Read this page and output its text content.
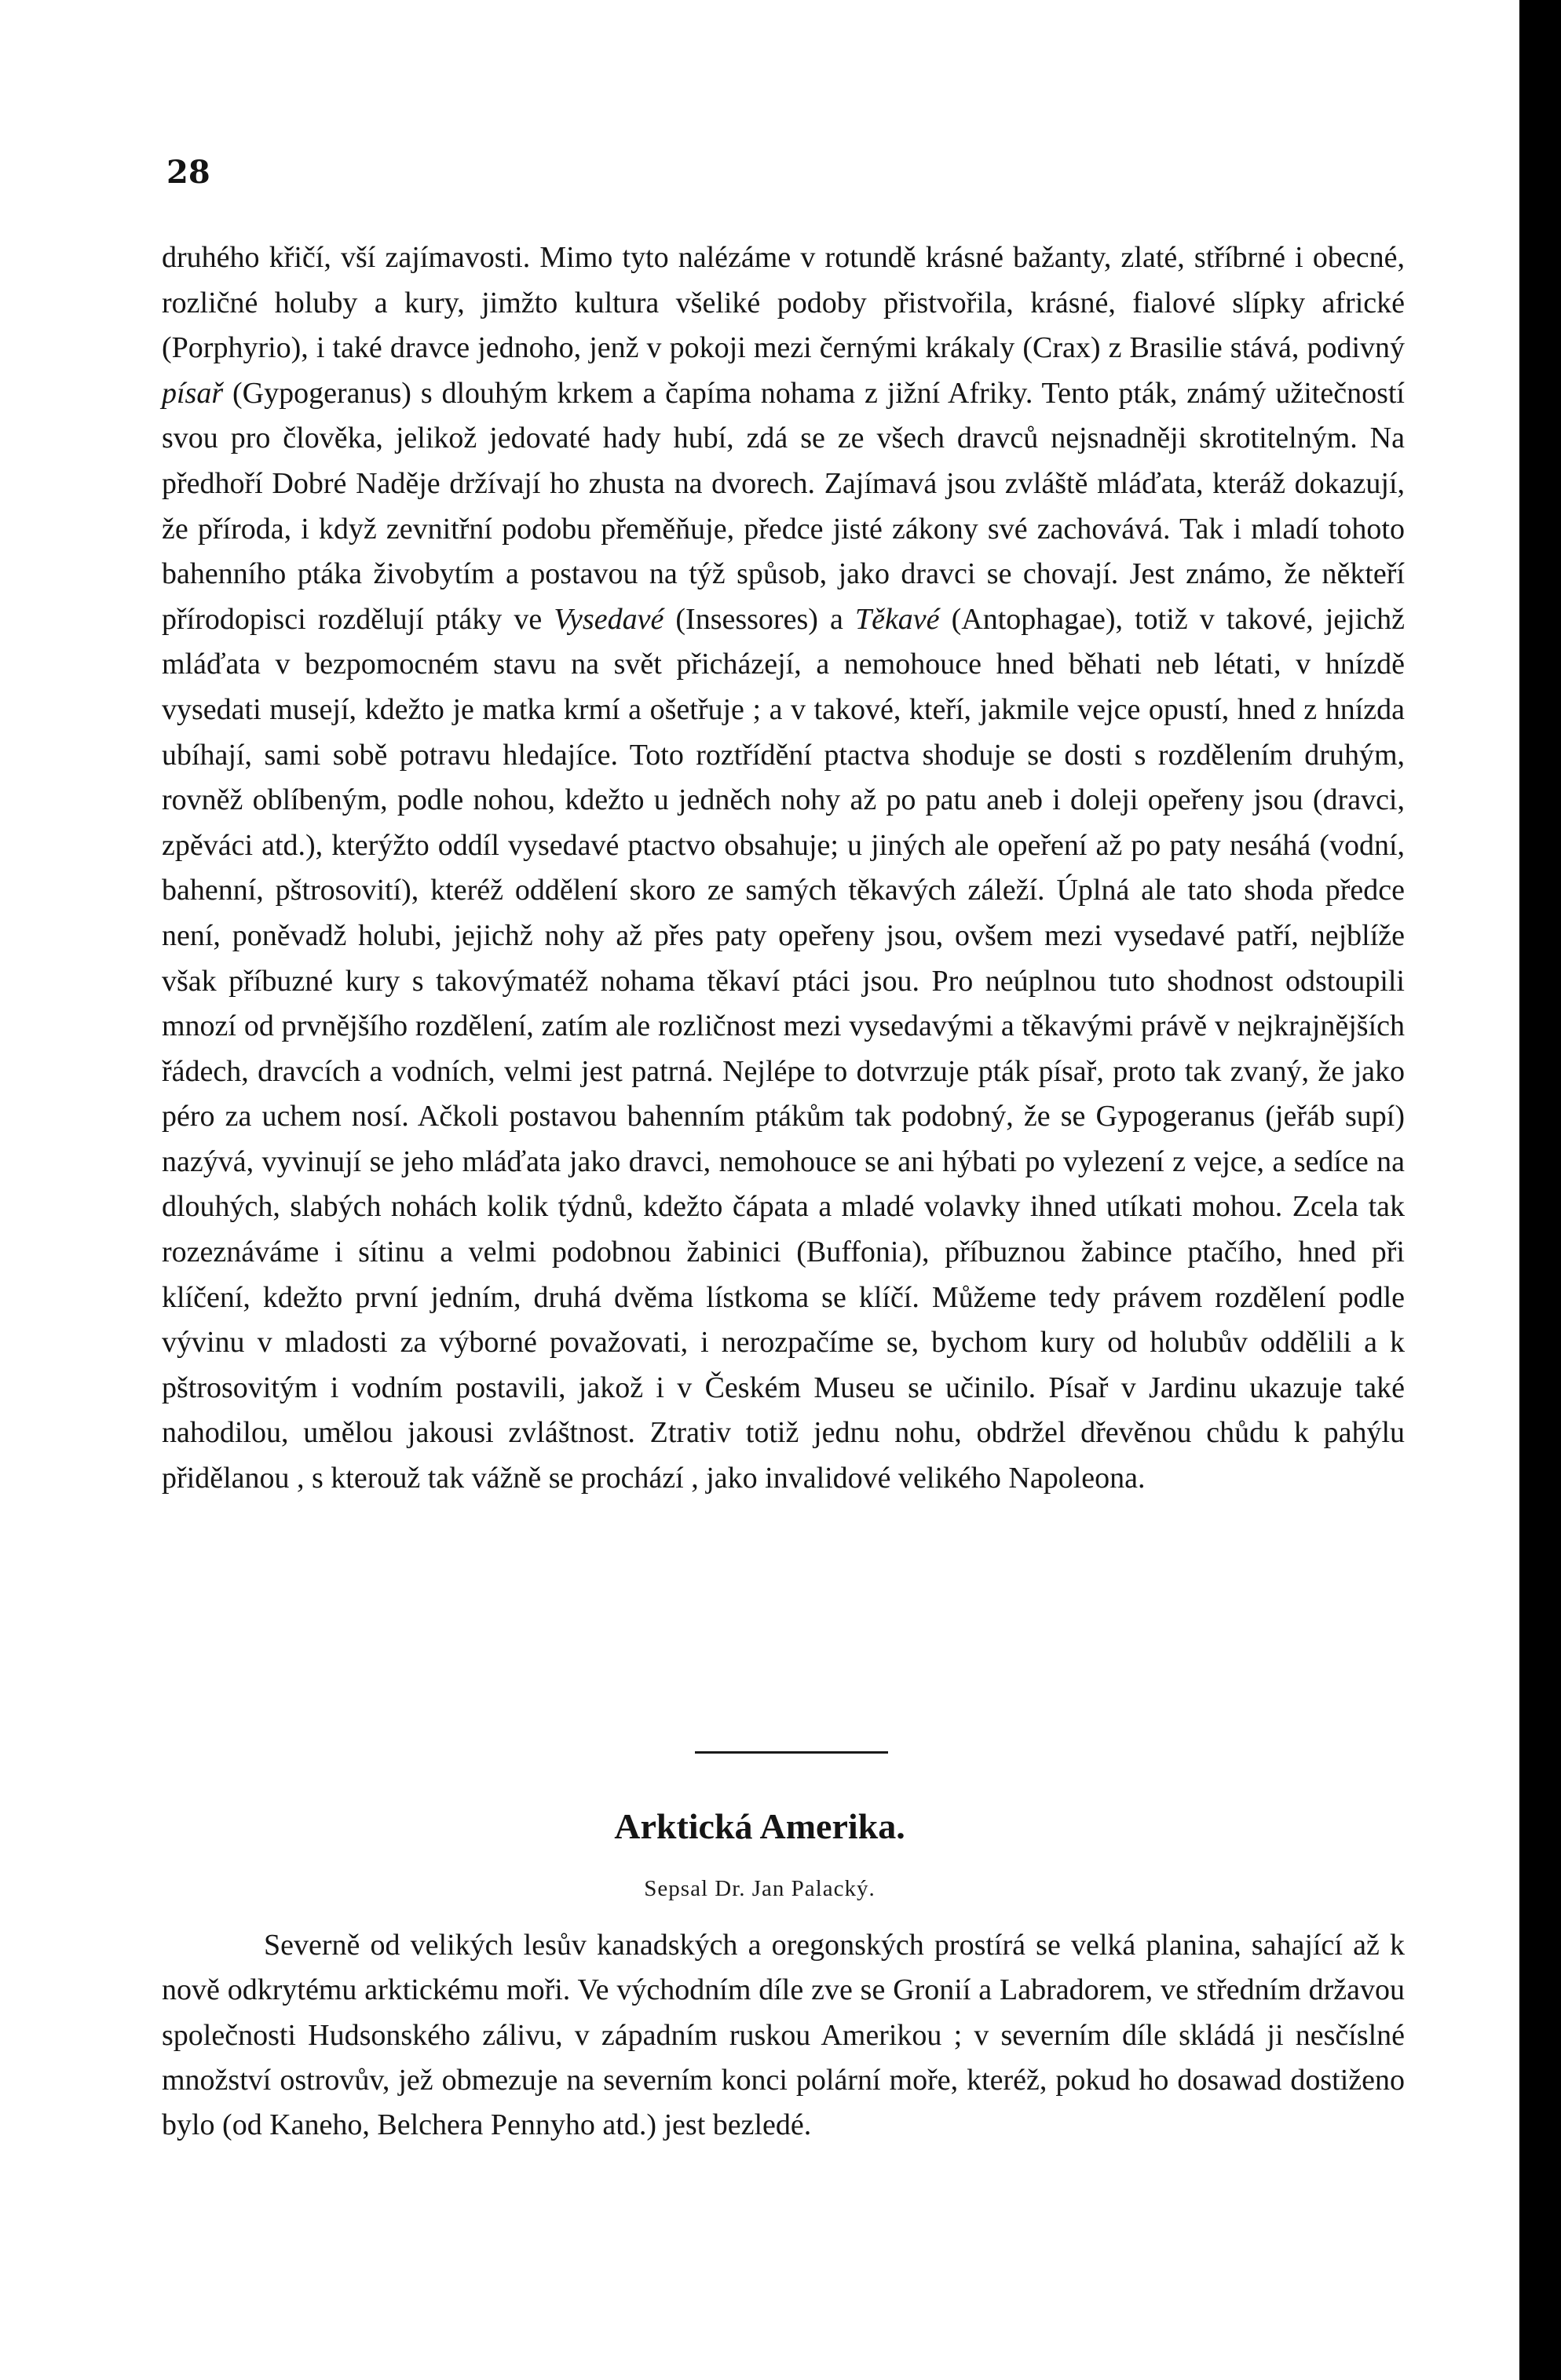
28

druhého křičí, vší zajímavosti. Mimo tyto nalézáme v rotundě krásné bažanty, zlaté, stříbrné i obecné, rozličné holuby a kury, jimžto kultura všeliké podoby přistvořila, krásné, fialové slípky africké (Porphyrio), i také dravce jednoho, jenž v pokoji mezi černými krákaly (Crax) z Brasilie stává, podivný písař (Gypogeranus) s dlouhým krkem a čapíma nohama z jižní Afriky. Tento pták, známý užitečností svou pro člověka, jelikož jedovaté hady hubí, zdá se ze všech dravců nejsnadněji skrotitelným. Na předhoří Dobré Naděje držívají ho zhusta na dvorech. Zajímavá jsou zvláště mláďata, kteráž dokazují, že příroda, i když zevnitřní podobu přeměňuje, předce jisté zákony své zachovává. Tak i mladí tohoto bahenního ptáka živobytím a postavou na týž spůsob, jako dravci se chovají. Jest známo, že někteří přírodopisci rozdělují ptáky ve Vysedavé (Insessores) a Těkavé (Antophagae), totiž v takové, jejichž mláďata v bezpomocném stavu na svět přicházejí, a nemohouce hned běhati neb létati, v hnízdě vysedati musejí, kdežto je matka krmí a ošetřuje ; a v takové, kteří, jakmile vejce opustí, hned z hnízda ubíhají, sami sobě potravu hledajíce. Toto roztřídění ptactva shoduje se dosti s rozdělením druhým, rovněž oblíbeným, podle nohou, kdežto u jedněch nohy až po patu aneb i doleji opeřeny jsou (dravci, zpěváci atd.), kterýžto oddíl vysedavé ptactvo obsahuje; u jiných ale opeření až po paty nesáhá (vodní, bahenní, pštrosovití), kteréž oddělení skoro ze samých těkavých záleží. Úplná ale tato shoda předce není, poněvadž holubi, jejichž nohy až přes paty opeřeny jsou, ovšem mezi vysedavé patří, nejblíže však příbuzné kury s takovýmatéž nohama těkaví ptáci jsou. Pro neúplnou tuto shodnost odstoupili mnozí od prvnějšího rozdělení, zatím ale rozličnost mezi vysedavými a těkavými právě v nejkrajnějších řádech, dravcích a vodních, velmi jest patrná. Nejlépe to dotvrzuje pták písař, proto tak zvaný, že jako péro za uchem nosí. Ačkoli postavou bahenním ptákům tak podobný, že se Gypogeranus (jeřáb supí) nazývá, vyvinují se jeho mláďata jako dravci, nemohouce se ani hýbati po vylezení z vejce, a sedíce na dlouhých, slabých nohách kolik týdnů, kdežto čápata a mladé volavky ihned utíkati mohou. Zcela tak rozeznáváme i sítinu a velmi podobnou žabinici (Buffonia), příbuznou žabince ptačího, hned při klíčení, kdežto první jedním, druhá dvěma lístkoma se klíčí. Můžeme tedy právem rozdělení podle vývinu v mladosti za výborné považovati, i nerozpačíme se, bychom kury od holubův oddělili a k pštrosovitým i vodním postavili, jakož i v Českém Museu se učinilo. Písař v Jardinu ukazuje také nahodilou, umělou jakousi zvláštnost. Ztrativ totiž jednu nohu, obdržel dřevěnou chůdu k pahýlu přidělanou , s kterouž tak vážně se prochází , jako invalidové velikého Napoleona.

Arktická Amerika.

Sepsal Dr. Jan Palacký.

Severně od velikých lesův kanadských a oregonských prostírá se velká planina, sahající až k nově odkrytému arktickému moři. Ve východním díle zve se Gronií a Labradorem, ve středním državou společnosti Hudsonského zálivu, v západním ruskou Amerikou ; v severním díle skládá ji nesčíslné množství ostrovův, jež obmezuje na severním konci polární moře, kteréž, pokud ho dosawad dostiženo bylo (od Kaneho, Belchera Pennyho atd.) jest bezledé.
